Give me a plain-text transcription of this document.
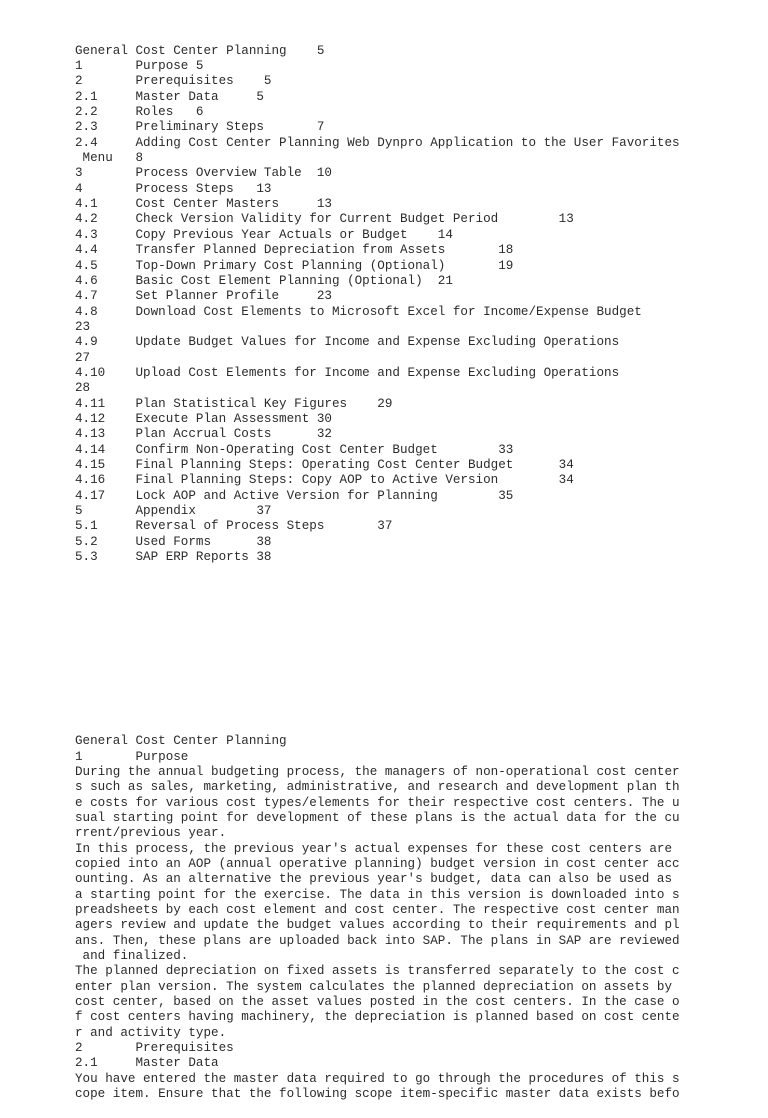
General Cost Center Planning    5
1       Purpose 5
2       Prerequisites    5
2.1     Master Data     5
2.2     Roles   6
2.3     Preliminary Steps       7
2.4     Adding Cost Center Planning Web Dynpro Application to the User Favorites
Menu   8
3       Process Overview Table  10
4       Process Steps   13
4.1     Cost Center Masters     13
4.2     Check Version Validity for Current Budget Period        13
4.3     Copy Previous Year Actuals or Budget    14
4.4     Transfer Planned Depreciation from Assets       18
4.5     Top-Down Primary Cost Planning (Optional)       19
4.6     Basic Cost Element Planning (Optional)  21
4.7     Set Planner Profile     23
4.8     Download Cost Elements to Microsoft Excel for Income/Expense Budget
23
4.9     Update Budget Values for Income and Expense Excluding Operations
27
4.10    Upload Cost Elements for Income and Expense Excluding Operations
28
4.11    Plan Statistical Key Figures    29
4.12    Execute Plan Assessment 30
4.13    Plan Accrual Costs      32
4.14    Confirm Non-Operating Cost Center Budget        33
4.15    Final Planning Steps: Operating Cost Center Budget      34
4.16    Final Planning Steps: Copy AOP to Active Version        34
4.17    Lock AOP and Active Version for Planning        35
5       Appendix        37
5.1     Reversal of Process Steps       37
5.2     Used Forms      38
5.3     SAP ERP Reports 38

General Cost Center Planning
1       Purpose
During the annual budgeting process, the managers of non-operational cost center
s such as sales, marketing, administrative, and research and development plan th
e costs for various cost types/elements for their respective cost centers. The u
sual starting point for development of these plans is the actual data for the cu
rrent/previous year.
In this process, the previous year's actual expenses for these cost centers are
copied into an AOP (annual operative planning) budget version in cost center acc
ounting. As an alternative the previous year's budget, data can also be used as
a starting point for the exercise. The data in this version is downloaded into s
preadsheets by each cost element and cost center. The respective cost center man
agers review and update the budget values according to their requirements and pl
ans. Then, these plans are uploaded back into SAP. The plans in SAP are reviewed
and finalized.
The planned depreciation on fixed assets is transferred separately to the cost c
enter plan version. The system calculates the planned depreciation on assets by
cost center, based on the asset values posted in the cost centers. In the case o
f cost centers having machinery, the depreciation is planned based on cost cente
r and activity type.
2       Prerequisites
2.1     Master Data
You have entered the master data required to go through the procedures of this s
cope item. Ensure that the following scope item-specific master data exists befo
